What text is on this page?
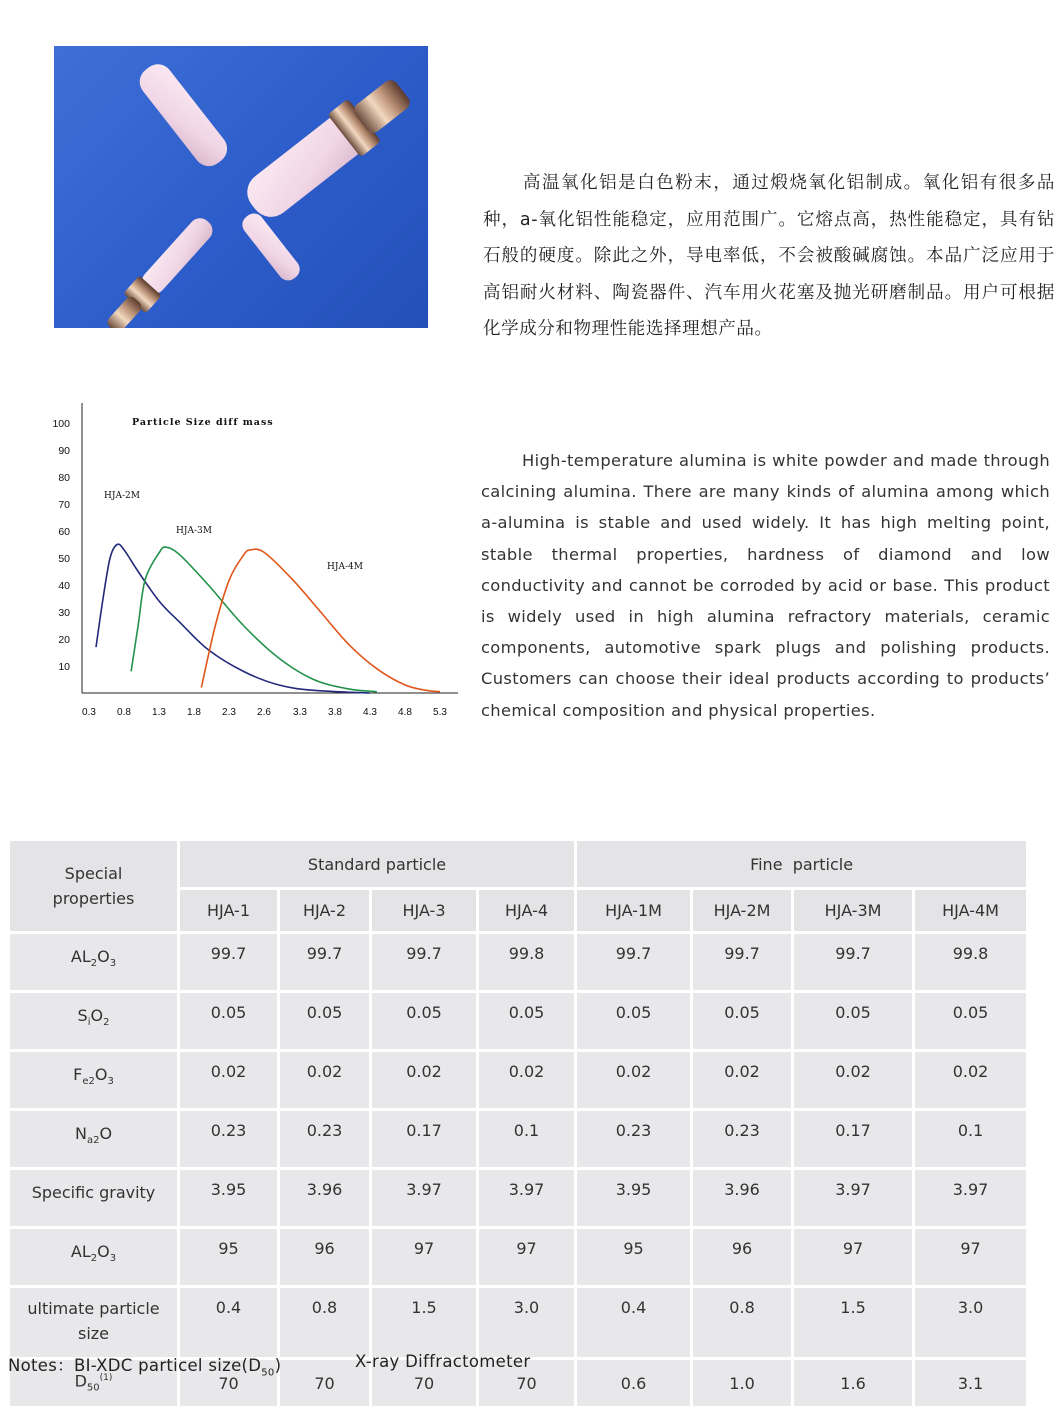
高温氧化铝是白色粉末，通过煅烧氧化铝制成。氧化铝有很多品种，a-氧化铝性能稳定，应用范围广。它熔点高，热性能稳定，具有钻石般的硬度。除此之外，导电率低，不会被酸碱腐蚀。本品广泛应用于高铝耐火材料、陶瓷器件、汽车用火花塞及抛光研磨制品。用户可根据化学成分和物理性能选择理想产品。

Particle Size diff mass
10
20
30
40
50
60
70
80
90
100
0.3 0.8 1.3 1.8 2.3 2.6 3.3 3.8 4.3 4.8 5.3
HJA-2M
HJA-3M
HJA-4M

High-temperature alumina is white powder and made through calcining alumina. There are many kinds of alumina among which a-alumina is stable and used widely. It has high melting point, stable thermal properties, hardness of diamond and low conductivity and cannot be corroded by acid or base. This product is widely used in high alumina refractory materials, ceramic components, automotive spark plugs and polishing products. Customers can choose their ideal products according to products’ chemical composition and physical properties.

Special properties	Standard particle				Fine  particle			
	HJA-1	HJA-2	HJA-3	HJA-4	HJA-1M	HJA-2M	HJA-3M	HJA-4M
$AL_2O_3$	99.7	99.7	99.7	99.8	99.7	99.7	99.7	99.8
$S_iO_2$	0.05	0.05	0.05	0.05	0.05	0.05	0.05	0.05
$F_{e2}O_3$	0.02	0.02	0.02	0.02	0.02	0.02	0.02	0.02
$N_{a2}O$	0.23	0.23	0.17	0.1	0.23	0.23	0.17	0.1
Specific gravity	3.95	3.96	3.97	3.97	3.95	3.96	3.97	3.97
$AL_2O_3$	95	96	97	97	95	96	97	97
ultimate particle size	0.4	0.8	1.5	3.0	0.4	0.8	1.5	3.0
$D_{50}^{(1)}$	70	70	70	70	0.6	1.0	1.6	3.1
Notes：BI-XDC particel $size(D_{50})$	X-ray Diffractometer
